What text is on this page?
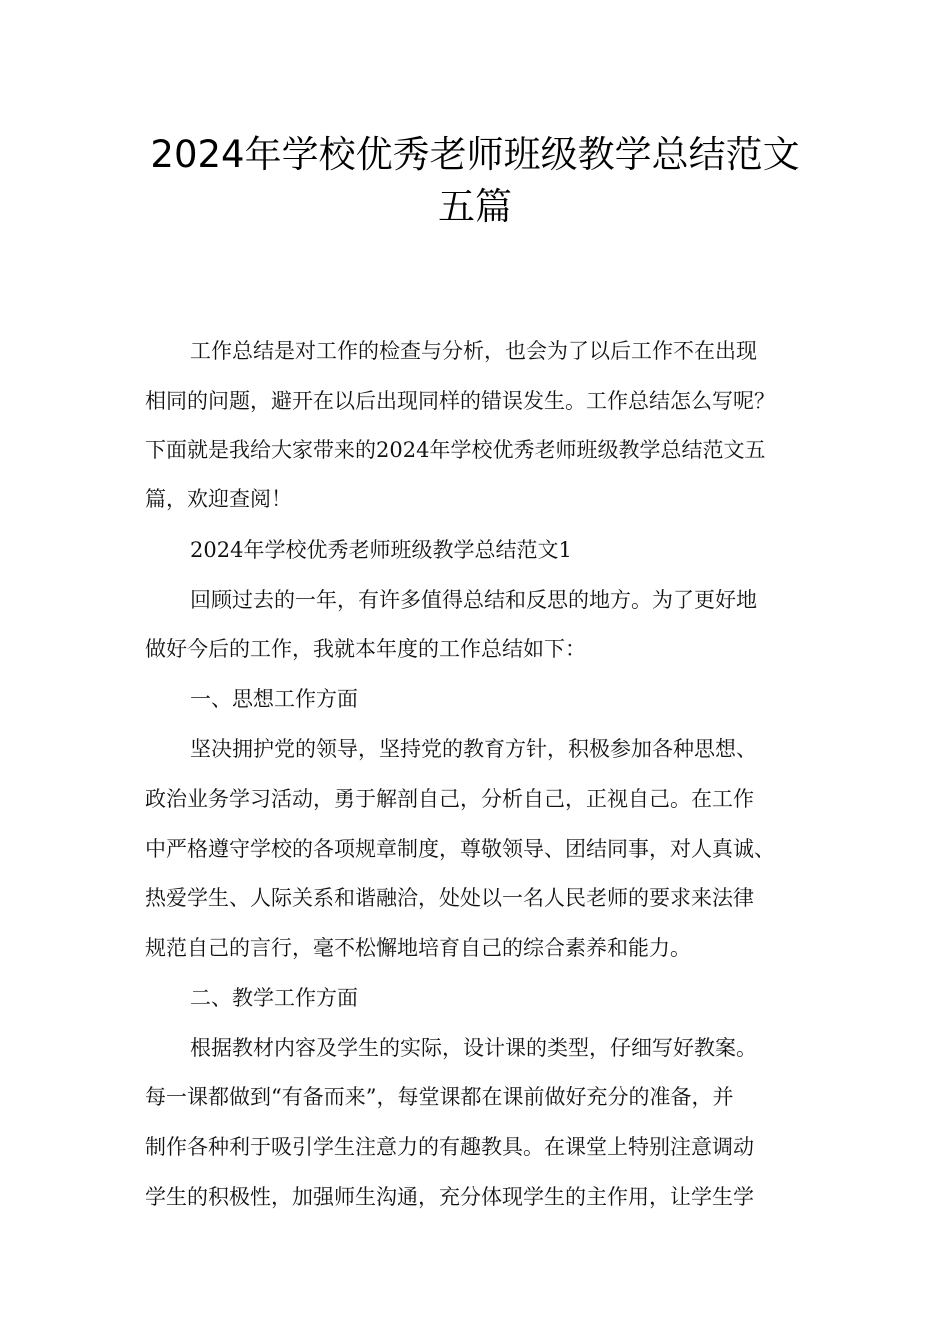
2024年学校优秀老师班级教学总结范文
五篇
工作总结是对工作的检查与分析，也会为了以后工作不在出现
相同的问题，避开在以后出现同样的错误发生。工作总结怎么写呢？
下面就是我给大家带来的2024年学校优秀老师班级教学总结范文五
篇，欢迎查阅！
2024年学校优秀老师班级教学总结范文1
回顾过去的一年，有许多值得总结和反思的地方。为了更好地
做好今后的工作，我就本年度的工作总结如下：
一、思想工作方面
坚决拥护党的领导，坚持党的教育方针，积极参加各种思想、
政治业务学习活动，勇于解剖自己，分析自己，正视自己。在工作
中严格遵守学校的各项规章制度，尊敬领导、团结同事，对人真诚、
热爱学生、人际关系和谐融洽，处处以一名人民老师的要求来法律
规范自己的言行，毫不松懈地培育自己的综合素养和能力。
二、教学工作方面
根据教材内容及学生的实际，设计课的类型，仔细写好教案。
每一课都做到“有备而来”，每堂课都在课前做好充分的准备，并
制作各种利于吸引学生注意力的有趣教具。在课堂上特别注意调动
学生的积极性，加强师生沟通，充分体现学生的主作用，让学生学
